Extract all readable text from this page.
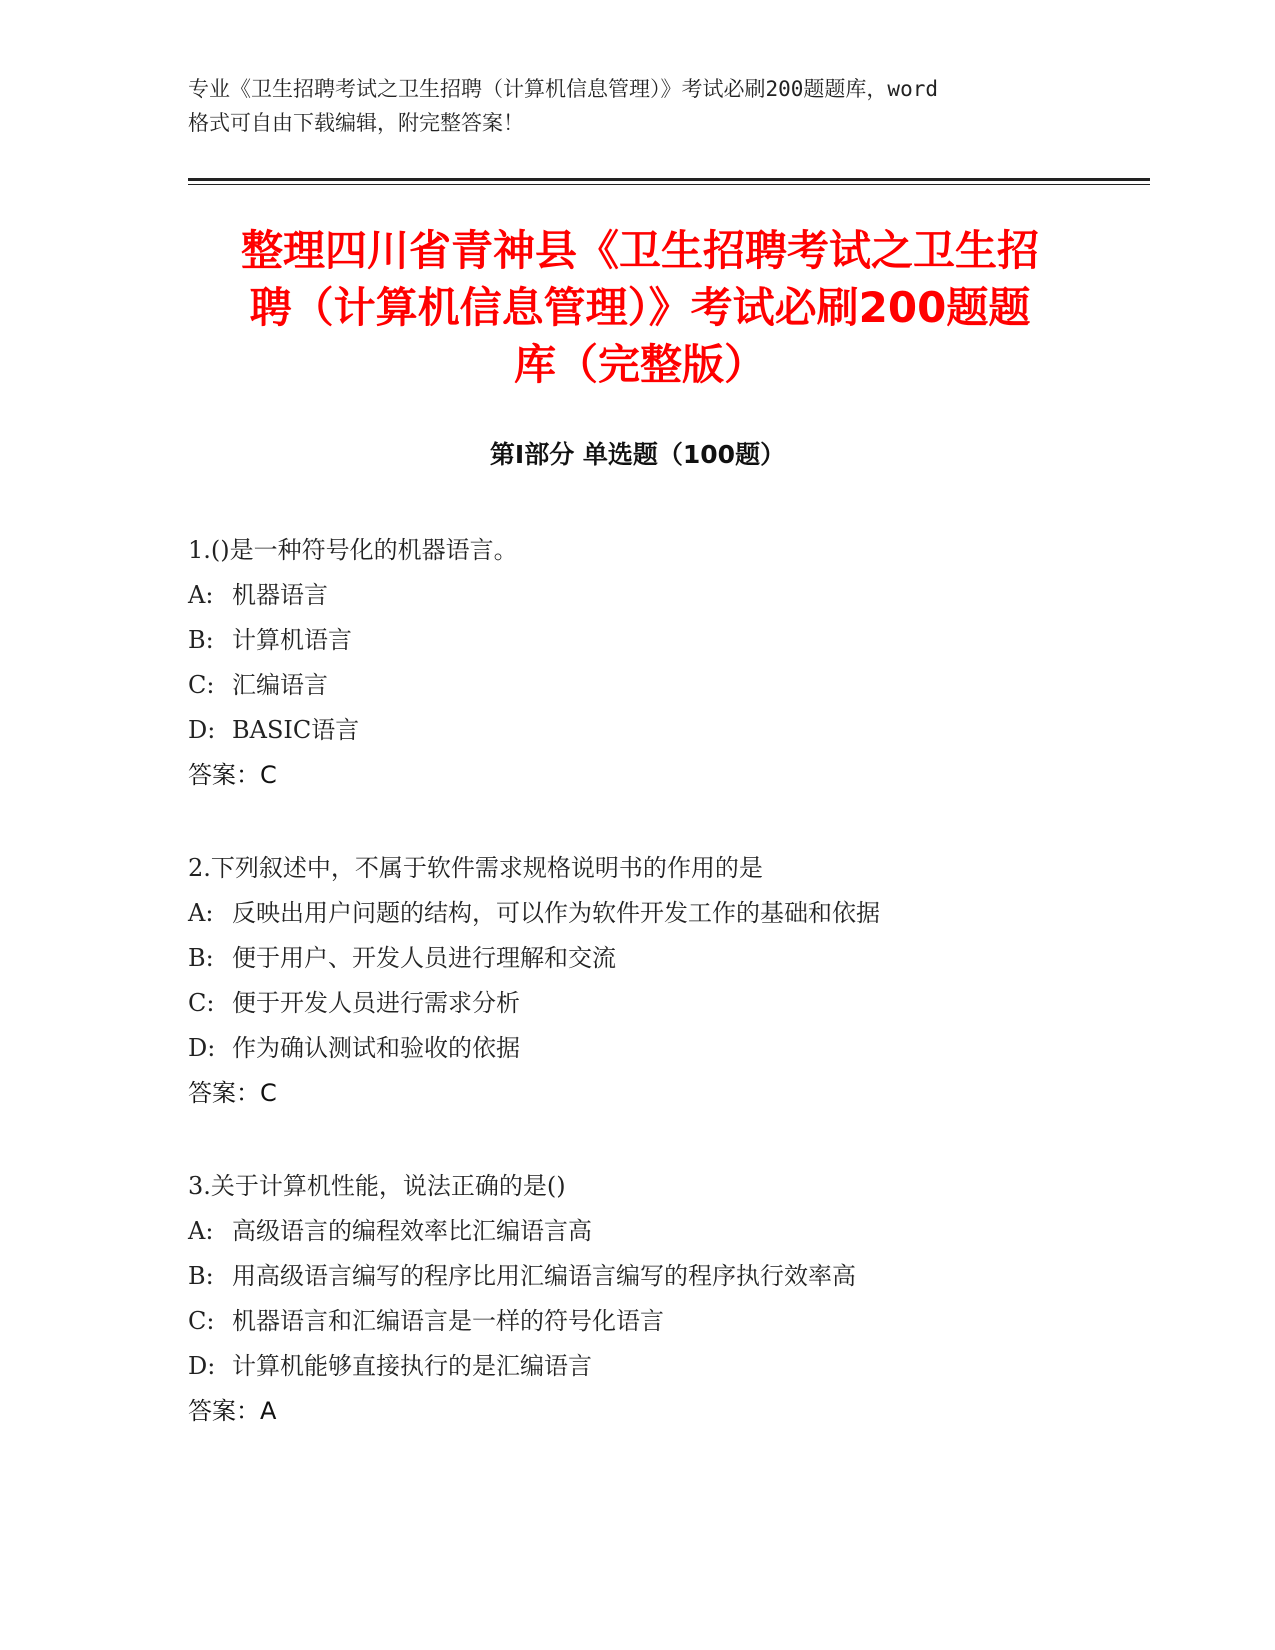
专业《卫生招聘考试之卫生招聘（计算机信息管理）》考试必刷200题题库，word
格式可自由下载编辑，附完整答案！
整理四川省青神县《卫生招聘考试之卫生招
聘（计算机信息管理）》考试必刷200题题
库（完整版）
第Ⅰ部分 单选题（100题）
1.()是一种符号化的机器语言。
A: 机器语言
B: 计算机语言
C: 汇编语言
D: BASIC语言
答案：C
2.下列叙述中，不属于软件需求规格说明书的作用的是
A: 反映出用户问题的结构，可以作为软件开发工作的基础和依据
B: 便于用户、开发人员进行理解和交流
C: 便于开发人员进行需求分析
D: 作为确认测试和验收的依据
答案：C
3.关于计算机性能，说法正确的是()
A: 高级语言的编程效率比汇编语言高
B: 用高级语言编写的程序比用汇编语言编写的程序执行效率高
C: 机器语言和汇编语言是一样的符号化语言
D: 计算机能够直接执行的是汇编语言
答案：A
